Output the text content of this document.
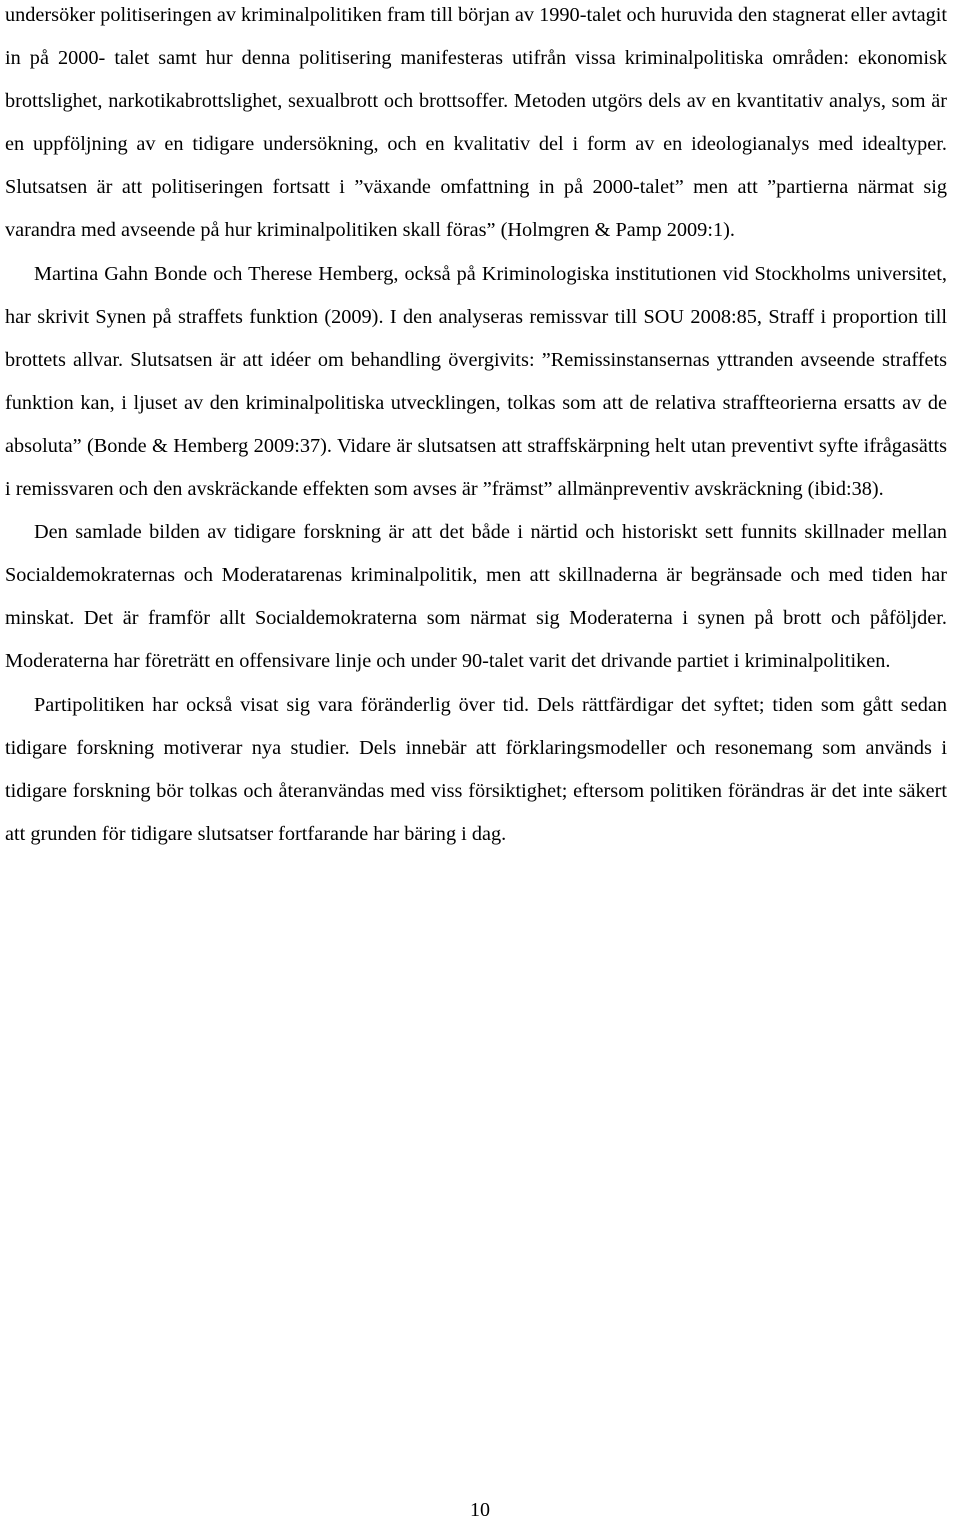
undersöker politiseringen av kriminalpolitiken fram till början av 1990-talet och huruvida den stagnerat eller avtagit in på 2000- talet samt hur denna politisering manifesteras utifrån vissa kriminalpolitiska områden: ekonomisk brottslighet, narkotikabrottslighet, sexualbrott och brottsoffer. Metoden utgörs dels av en kvantitativ analys, som är en uppföljning av en tidigare undersökning, och en kvalitativ del i form av en ideologianalys med idealtyper. Slutsatsen är att politiseringen fortsatt i ”växande omfattning in på 2000-talet” men att ”partierna närmat sig varandra med avseende på hur kriminalpolitiken skall föras” (Holmgren & Pamp 2009:1).

Martina Gahn Bonde och Therese Hemberg, också på Kriminologiska institutionen vid Stockholms universitet, har skrivit Synen på straffets funktion (2009). I den analyseras remissvar till SOU 2008:85, Straff i proportion till brottets allvar. Slutsatsen är att idéer om behandling övergivits: ”Remissinstansernas yttranden avseende straffets funktion kan, i ljuset av den kriminalpolitiska utvecklingen, tolkas som att de relativa straffteorierna ersatts av de absoluta” (Bonde & Hemberg 2009:37). Vidare är slutsatsen att straffskärpning helt utan preventivt syfte ifrågasätts i remissvaren och den avskräckande effekten som avses är ”främst” allmänpreventiv avskräckning (ibid:38).

Den samlade bilden av tidigare forskning är att det både i närtid och historiskt sett funnits skillnader mellan Socialdemokraternas och Moderatarenas kriminalpolitik, men att skillnaderna är begränsade och med tiden har minskat. Det är framför allt Socialdemokraterna som närmat sig Moderaterna i synen på brott och påföljder. Moderaterna har företrätt en offensivare linje och under 90-talet varit det drivande partiet i kriminalpolitiken.

Partipolitiken har också visat sig vara föränderlig över tid. Dels rättfärdigar det syftet; tiden som gått sedan tidigare forskning motiverar nya studier. Dels innebär att förklaringsmodeller och resonemang som används i tidigare forskning bör tolkas och återanvändas med viss försiktighet; eftersom politiken förändras är det inte säkert att grunden för tidigare slutsatser fortfarande har bäring i dag.

10
